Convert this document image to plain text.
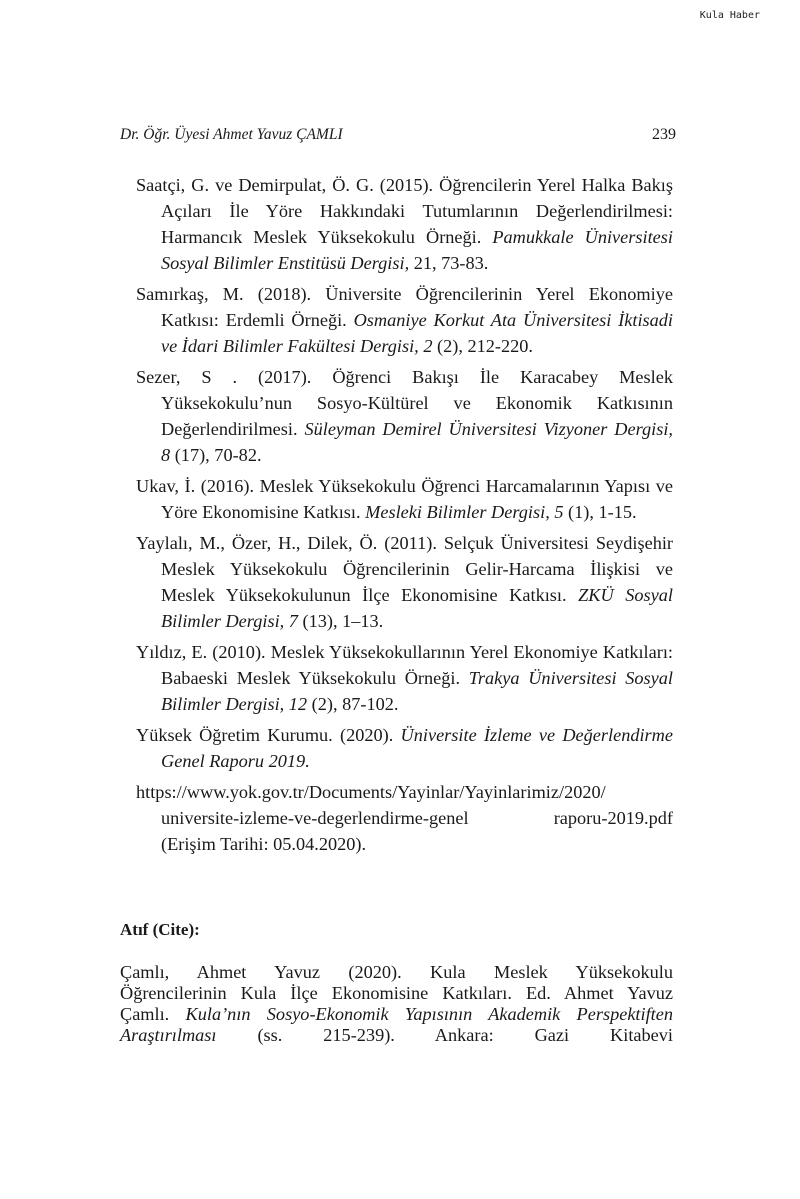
Kula Haber
Dr. Öğr. Üyesi Ahmet Yavuz ÇAMLI	239

Saatçi, G. ve Demirpulat, Ö. G. (2015). Öğrencilerin Yerel Halka Bakış Açıları İle Yöre Hakkındaki Tutumlarının Değerlendirilmesi: Harmancık Meslek Yüksekokulu Örneği. Pamukkale Üniversitesi Sosyal Bilimler Enstitüsü Dergisi, 21, 73-83.

Samırkaş, M. (2018). Üniversite Öğrencilerinin Yerel Ekonomiye Katkısı: Erdemli Örneği. Osmaniye Korkut Ata Üniversitesi İktisadi ve İdari Bilimler Fakültesi Dergisi, 2 (2), 212-220.

Sezer, S . (2017). Öğrenci Bakışı İle Karacabey Meslek Yüksekokulu’nun Sosyo-Kültürel ve Ekonomik Katkısının Değerlendirilmesi. Süleyman Demirel Üniversitesi Vizyoner Dergisi, 8 (17), 70-82.

Ukav, İ. (2016). Meslek Yüksekokulu Öğrenci Harcamalarının Yapısı ve Yöre Ekonomisine Katkısı. Mesleki Bilimler Dergisi, 5 (1), 1-15.

Yaylalı, M., Özer, H., Dilek, Ö. (2011). Selçuk Üniversitesi Seydişehir Meslek Yüksekokulu Öğrencilerinin Gelir-Harcama İlişkisi ve Meslek Yüksekokulunun İlçe Ekonomisine Katkısı. ZKÜ Sosyal Bilimler Dergisi, 7 (13), 1–13.

Yıldız, E. (2010). Meslek Yüksekokullarının Yerel Ekonomiye Katkıları: Babaeski Meslek Yüksekokulu Örneği. Trakya Üniversitesi Sosyal Bilimler Dergisi, 12 (2), 87-102.

Yüksek Öğretim Kurumu. (2020). Üniversite İzleme ve Değerlendirme Genel Raporu 2019.

https://www.yok.gov.tr/Documents/Yayinlar/Yayinlarimiz/2020/
universite-izleme-ve-degerlendirme-genel	raporu-2019.pdf
(Erişim Tarihi: 05.04.2020).
Atıf (Cite):
Çamlı, Ahmet Yavuz (2020). Kula Meslek Yüksekokulu
Öğrencilerinin Kula İlçe Ekonomisine Katkıları. Ed. Ahmet Yavuz
Çamlı. Kula’nın Sosyo-Ekonomik Yapısının Akademik Perspektiften
Araştırılması (ss. 215-239). Ankara: Gazi Kitabevi
